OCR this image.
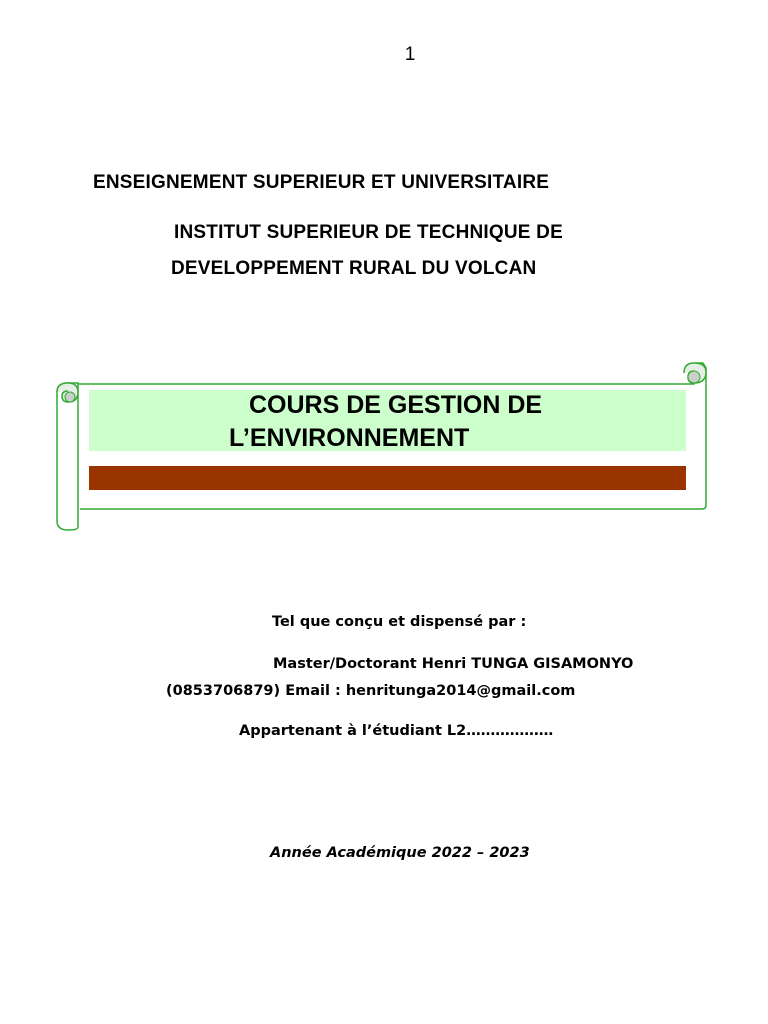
1
ENSEIGNEMENT SUPERIEUR ET UNIVERSITAIRE
INSTITUT SUPERIEUR DE TECHNIQUE DE
DEVELOPPEMENT RURAL DU VOLCAN
COURS DE GESTION DE
L’ENVIRONNEMENT
Tel que conçu et dispensé par :
Master/Doctorant Henri TUNGA GISAMONYO
(0853706879) Email : henritunga2014@gmail.com
Appartenant à l’étudiant L2………………
Année Académique 2022 – 2023
